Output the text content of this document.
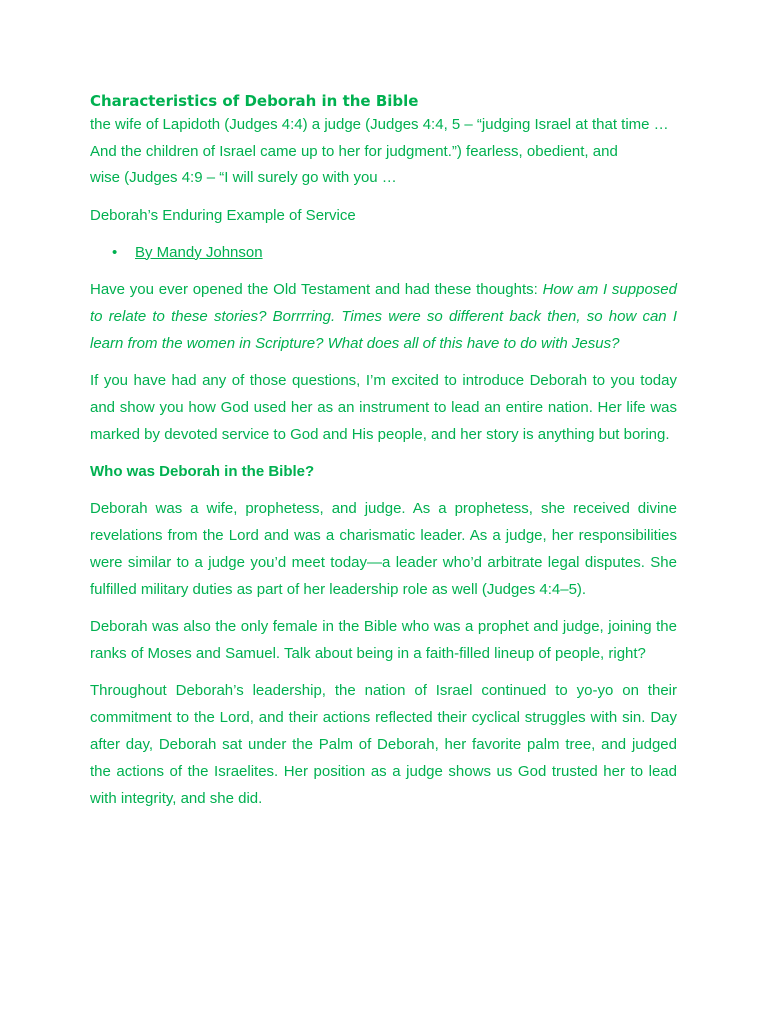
Characteristics of Deborah in the Bible
the wife of Lapidoth (Judges 4:4) a judge (Judges 4:4, 5 – “judging Israel at that time …
And the children of Israel came up to her for judgment.”) fearless, obedient, and
wise (Judges 4:9 – “I will surely go with you …

Deborah’s Enduring Example of Service

• By Mandy Johnson

Have you ever opened the Old Testament and had these thoughts: How am I supposed to relate to these stories? Borrrring. Times were so different back then, so how can I learn from the women in Scripture? What does all of this have to do with Jesus?

If you have had any of those questions, I’m excited to introduce Deborah to you today and show you how God used her as an instrument to lead an entire nation. Her life was marked by devoted service to God and His people, and her story is anything but boring.

Who was Deborah in the Bible?

Deborah was a wife, prophetess, and judge. As a prophetess, she received divine revelations from the Lord and was a charismatic leader. As a judge, her responsibilities were similar to a judge you’d meet today—a leader who’d arbitrate legal disputes. She fulfilled military duties as part of her leadership role as well (Judges 4:4–5).

Deborah was also the only female in the Bible who was a prophet and judge, joining the ranks of Moses and Samuel. Talk about being in a faith-filled lineup of people, right?

Throughout Deborah’s leadership, the nation of Israel continued to yo-yo on their commitment to the Lord, and their actions reflected their cyclical struggles with sin. Day after day, Deborah sat under the Palm of Deborah, her favorite palm tree, and judged the actions of the Israelites. Her position as a judge shows us God trusted her to lead with integrity, and she did.
